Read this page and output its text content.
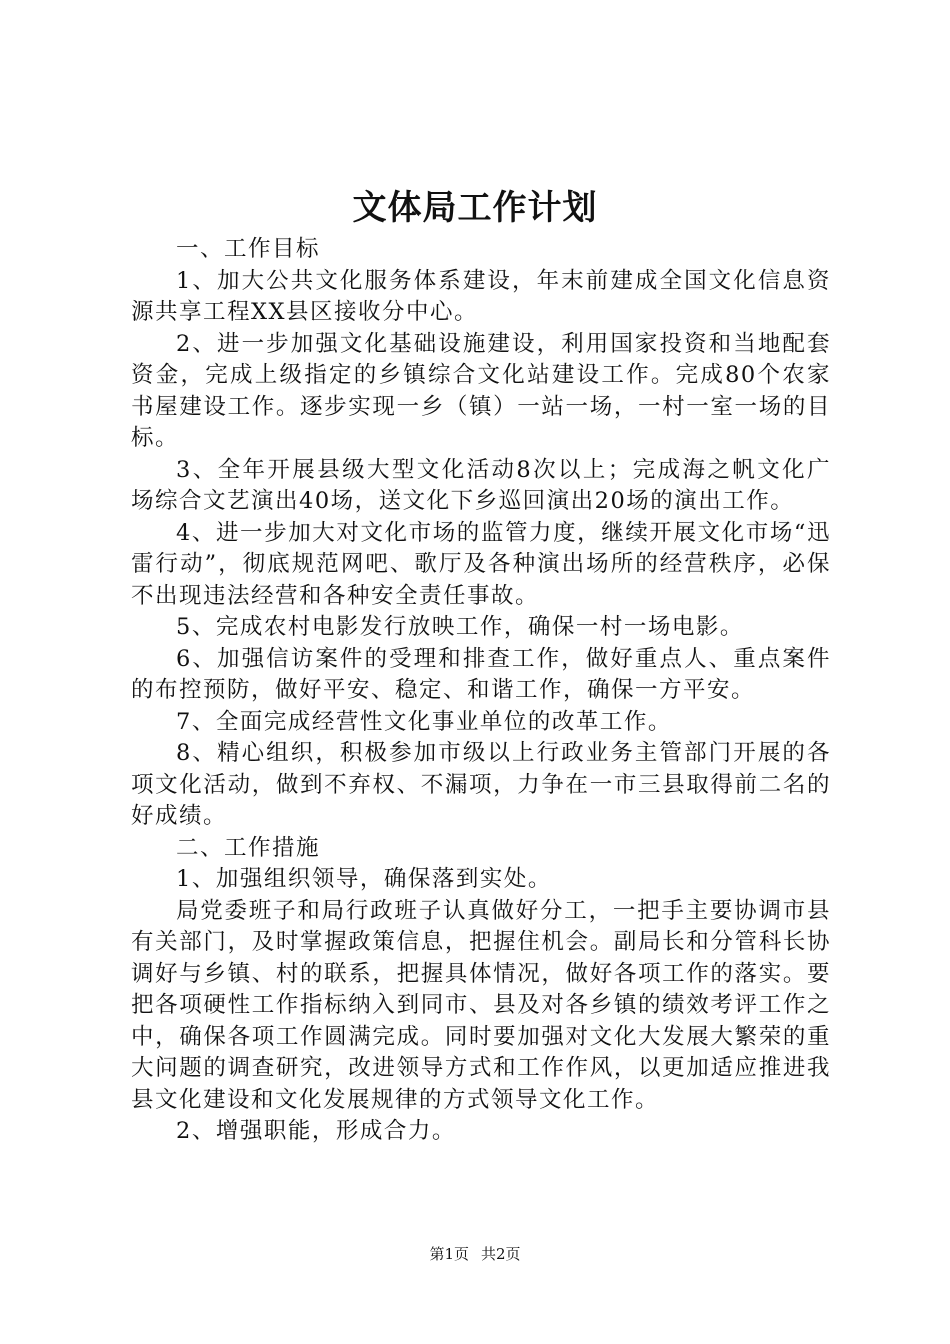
文体局工作计划

一、工作目标

1、加大公共文化服务体系建设，年末前建成全国文化信息资源共享工程XX县区接收分中心。

2、进一步加强文化基础设施建设，利用国家投资和当地配套资金，完成上级指定的乡镇综合文化站建设工作。完成80个农家书屋建设工作。逐步实现一乡（镇）一站一场，一村一室一场的目标。

3、全年开展县级大型文化活动8次以上；完成海之帆文化广场综合文艺演出40场，送文化下乡巡回演出20场的演出工作。

4、进一步加大对文化市场的监管力度，继续开展文化市场“迅雷行动”，彻底规范网吧、歌厅及各种演出场所的经营秩序，必保不出现违法经营和各种安全责任事故。

5、完成农村电影发行放映工作，确保一村一场电影。

6、加强信访案件的受理和排查工作，做好重点人、重点案件的布控预防，做好平安、稳定、和谐工作，确保一方平安。

7、全面完成经营性文化事业单位的改革工作。

8、精心组织，积极参加市级以上行政业务主管部门开展的各项文化活动，做到不弃权、不漏项，力争在一市三县取得前二名的好成绩。

二、工作措施

1、加强组织领导，确保落到实处。

局党委班子和局行政班子认真做好分工，一把手主要协调市县有关部门，及时掌握政策信息，把握住机会。副局长和分管科长协调好与乡镇、村的联系，把握具体情况，做好各项工作的落实。要把各项硬性工作指标纳入到同市、县及对各乡镇的绩效考评工作之中，确保各项工作圆满完成。同时要加强对文化大发展大繁荣的重大问题的调查研究，改进领导方式和工作作风，以更加适应推进我县文化建设和文化发展规律的方式领导文化工作。

2、增强职能，形成合力。

第1页 共2页
